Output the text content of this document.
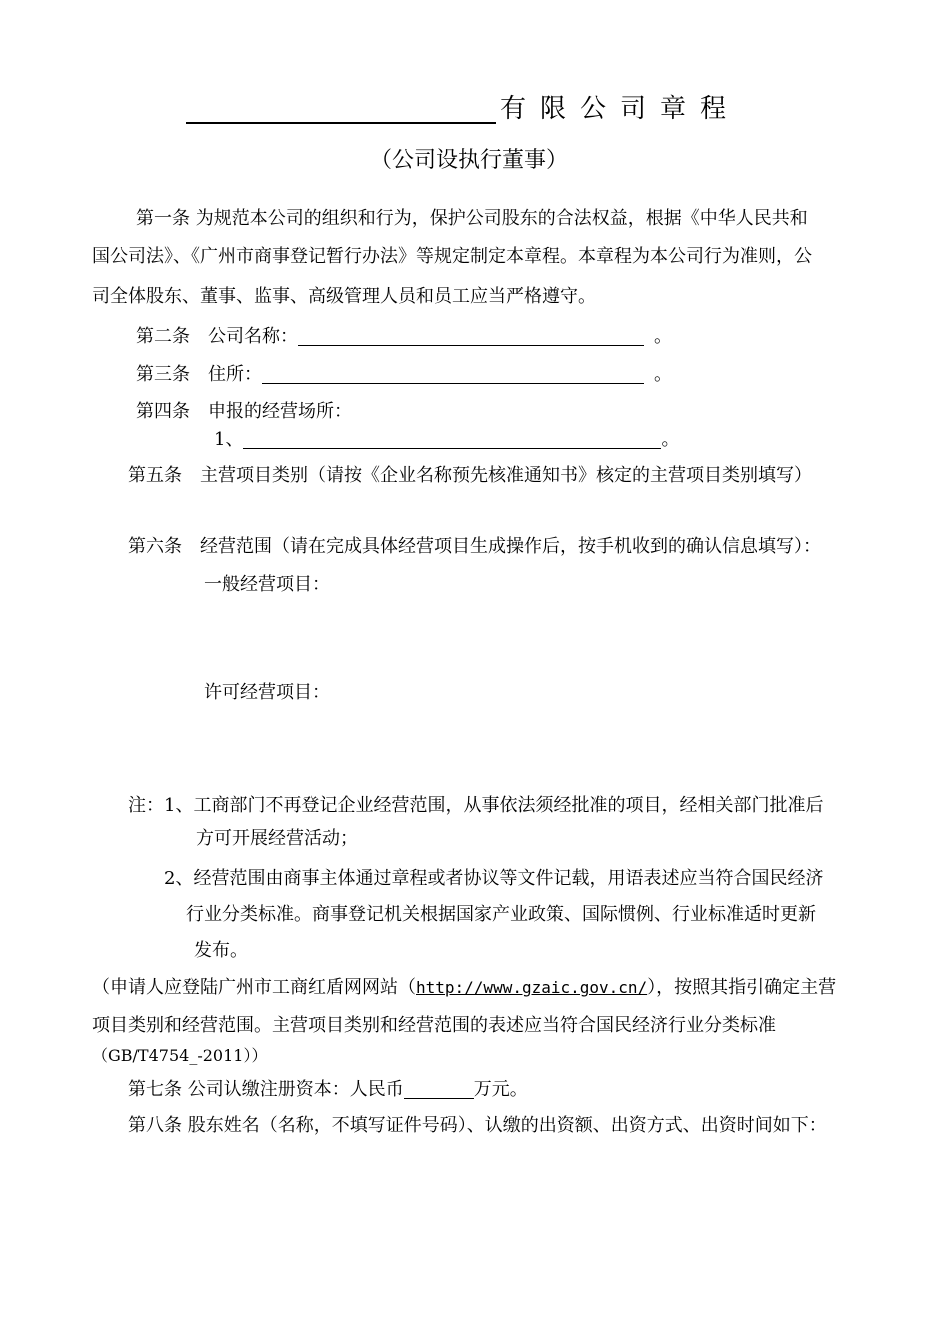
有限公司章程
（公司设执行董事）
第一条 为规范本公司的组织和行为，保护公司股东的合法权益，根据《中华人民共和
国公司法》、《广州市商事登记暂行办法》等规定制定本章程。本章程为本公司行为准则，公
司全体股东、董事、监事、高级管理人员和员工应当严格遵守。
第二条　公司名称：	。
第三条　住所：	。
第四条　申报的经营场所：
1、	。
第五条　主营项目类别（请按《企业名称预先核准通知书》核定的主营项目类别填写）
第六条　经营范围（请在完成具体经营项目生成操作后，按手机收到的确认信息填写）：
一般经营项目：
许可经营项目：
注：1、工商部门不再登记企业经营范围，从事依法须经批准的项目，经相关部门批准后
方可开展经营活动；
2、经营范围由商事主体通过章程或者协议等文件记载，用语表述应当符合国民经济
行业分类标准。商事登记机关根据国家产业政策、国际惯例、行业标准适时更新
发布。
（申请人应登陆广州市工商红盾网网站（http://www.gzaic.gov.cn/），按照其指引确定主营
项目类别和经营范围。主营项目类别和经营范围的表述应当符合国民经济行业分类标准
（GB/T4754_-2011））
第七条 公司认缴注册资本：人民币	万元。
第八条 股东姓名（名称，不填写证件号码）、认缴的出资额、出资方式、出资时间如下：
